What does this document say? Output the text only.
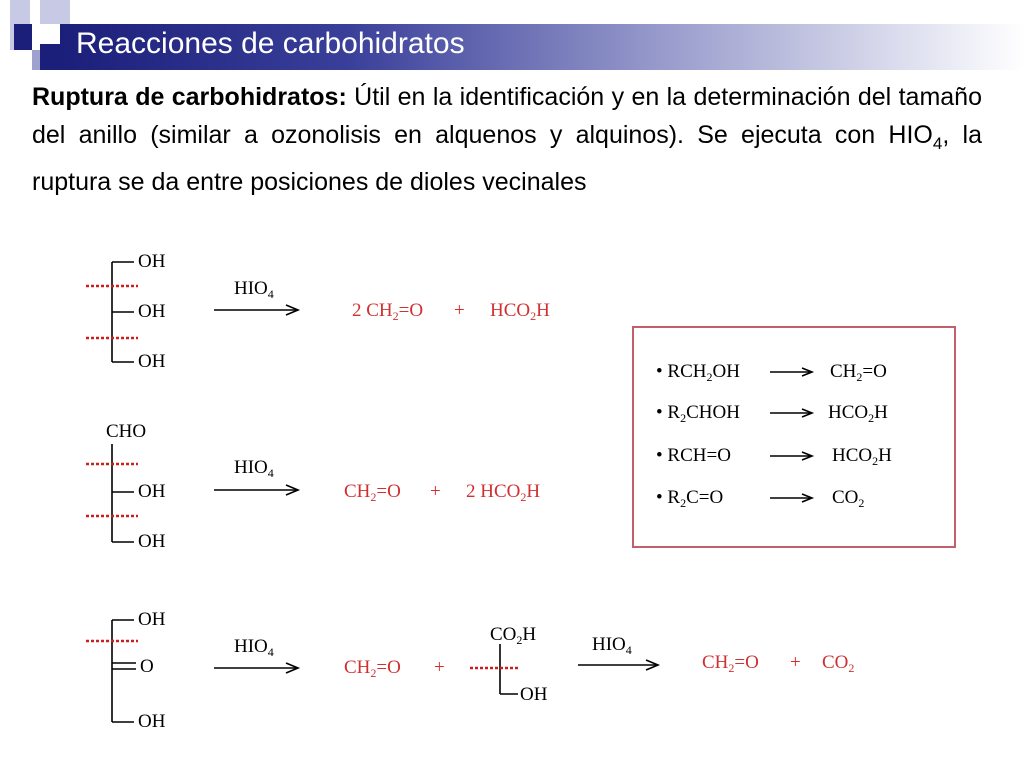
Reacciones de carbohidratos
Ruptura de carbohidratos: Útil en la identificación y en la determinación del tamaño del anillo (similar a ozonolisis en alquenos y alquinos). Se ejecuta con $HIO_4$, la ruptura se da entre posiciones de dioles vecinales
OH
OH
OH
$HIO_4$
2 $CH_2=O + HCO_2H$
CHO
OH
OH
$HIO_4$
$CH_2=O + 2$ $HCO_2H$
OH
O
OH
$HIO_4$
$CH_2=O$ +
$CO_2H$
OH
$HIO_4$
$CH_2=O + CO_2$
• $RCH_2OH$	$CH_2=O$
• $R_2CHOH$	$HCO_2H$
• RCH=O	$HCO_2H$
• $R_2C=O$	$CO_2$
